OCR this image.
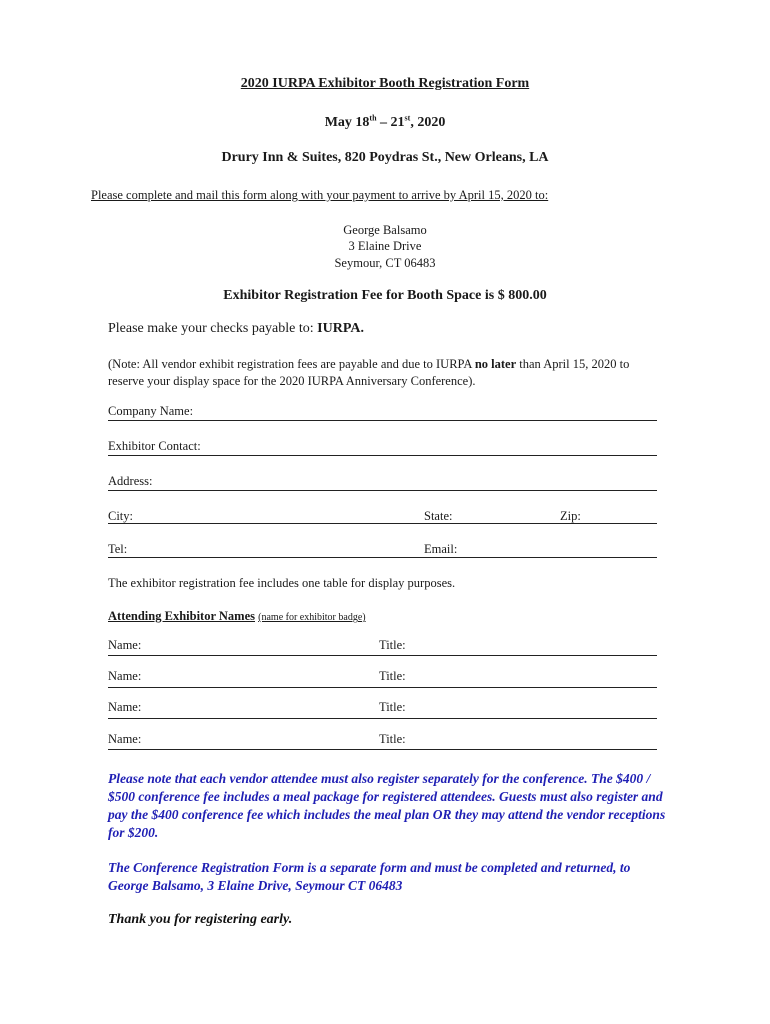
2020 IURPA Exhibitor Booth Registration Form
May 18th – 21st, 2020
Drury Inn & Suites, 820 Poydras St., New Orleans, LA
Please complete and mail this form along with your payment to arrive by April 15, 2020 to:
George Balsamo
3 Elaine Drive
Seymour, CT 06483
Exhibitor Registration Fee for Booth Space is $ 800.00
Please make your checks payable to: IURPA.
(Note: All vendor exhibit registration fees are payable and due to IURPA no later than April 15, 2020 to reserve your display space for the 2020 IURPA Anniversary Conference).
Company Name:
Exhibitor Contact:
Address:
City:	State:	Zip:
Tel:	Email:
The exhibitor registration fee includes one table for display purposes.
Attending Exhibitor Names (name for exhibitor badge)
Name:	Title:
Name:	Title:
Name:	Title:
Name:	Title:
Please note that each vendor attendee must also register separately for the conference. The $400 / $500 conference fee includes a meal package for registered attendees. Guests must also register and pay the $400 conference fee which includes the meal plan OR they may attend the vendor receptions for $200.
The Conference Registration Form is a separate form and must be completed and returned, to George Balsamo, 3 Elaine Drive, Seymour CT 06483
Thank you for registering early.
